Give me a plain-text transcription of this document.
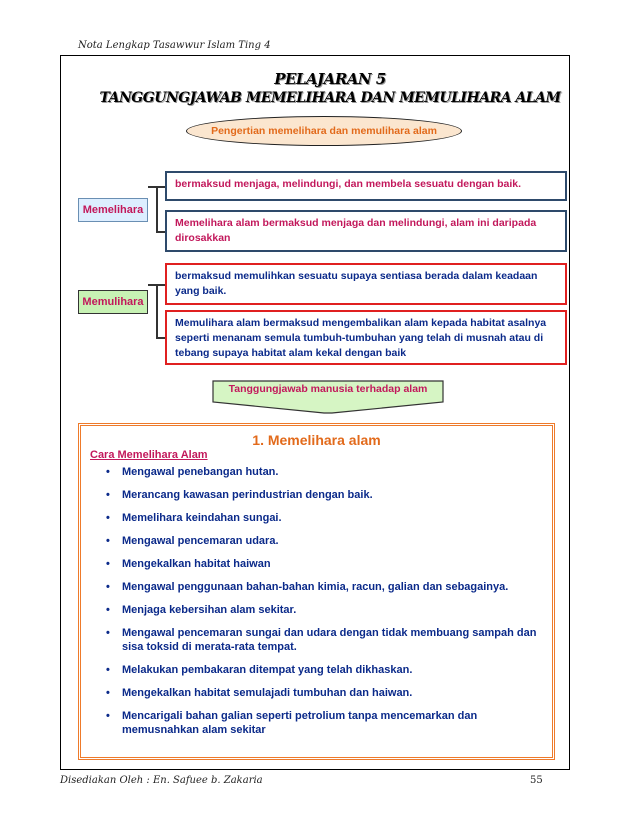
Nota Lengkap Tasawwur Islam Ting 4
PELAJARAN 5
TANGGUNGJAWAB MEMELIHARA DAN MEMULIHARA ALAM
Pengertian memelihara dan memulihara alam
Memelihara
bermaksud menjaga, melindungi, dan membela sesuatu dengan baik.
Memelihara alam bermaksud menjaga dan melindungi, alam ini daripada dirosakkan
Memulihara
bermaksud memulihkan sesuatu supaya sentiasa berada dalam keadaan yang baik.
Memulihara alam bermaksud mengembalikan alam kepada habitat asalnya seperti menanam semula tumbuh-tumbuhan yang telah di musnah atau di tebang supaya habitat alam kekal dengan baik
Tanggungjawab manusia terhadap alam
1. Memelihara alam
Cara Memelihara Alam
• Mengawal penebangan hutan.
• Merancang kawasan perindustrian dengan baik.
• Memelihara keindahan sungai.
• Mengawal pencemaran udara.
• Mengekalkan habitat haiwan
• Mengawal penggunaan bahan-bahan kimia, racun, galian dan sebagainya.
• Menjaga kebersihan alam sekitar.
• Mengawal pencemaran sungai dan udara dengan tidak membuang sampah dan sisa toksid di merata-rata tempat.
• Melakukan pembakaran ditempat yang telah dikhaskan.
• Mengekalkan habitat semulajadi tumbuhan dan haiwan.
• Mencarigali bahan galian seperti petrolium tanpa mencemarkan dan memusnahkan alam sekitar
Disediakan Oleh : En. Safuee b. Zakaria	55
